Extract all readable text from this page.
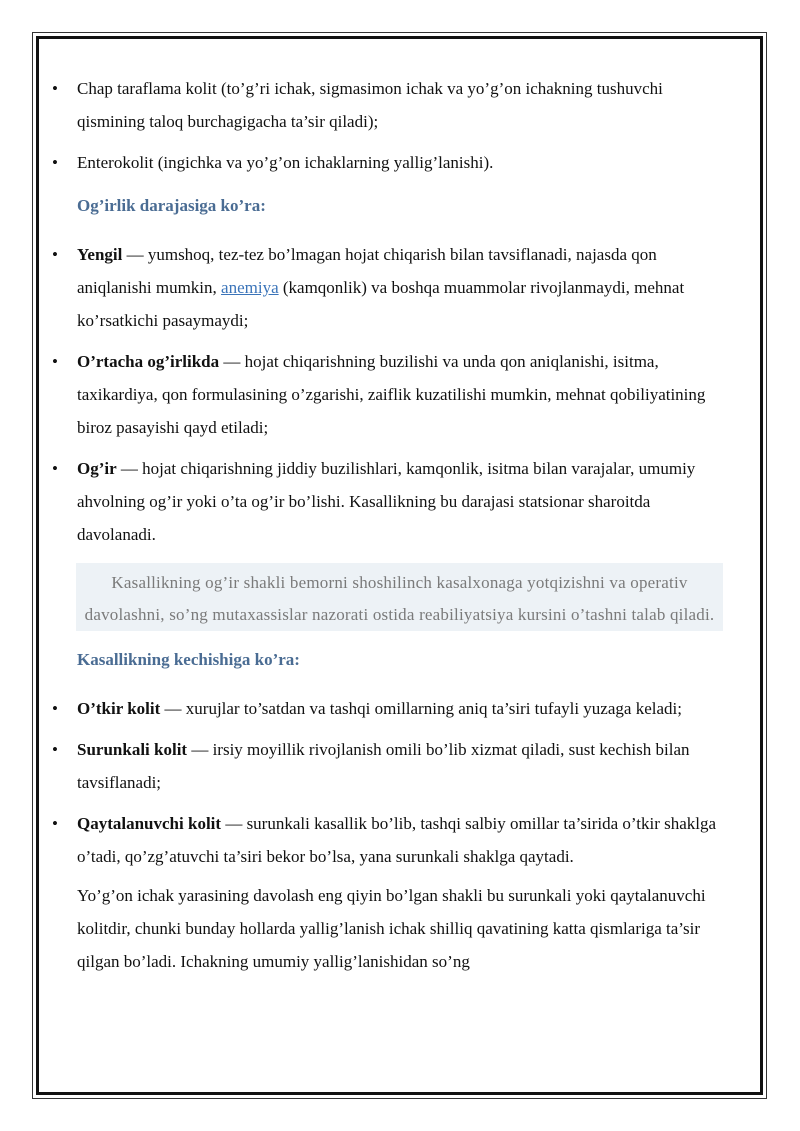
• Chap taraflama kolit (to’g’ri ichak, sigmasimon ichak va yo’g’on ichakning tushuvchi qismining taloq burchagigacha ta’sir qiladi);

• Enterokolit (ingichka va yo’g’on ichaklarning yallig’lanishi).

Og’irlik darajasiga ko’ra:

• Yengil — yumshoq, tez-tez bo’lmagan hojat chiqarish bilan tavsiflanadi, najasda qon aniqlanishi mumkin, anemiya (kamqonlik) va boshqa muammolar rivojlanmaydi, mehnat ko’rsatkichi pasaymaydi;

• O’rtacha og’irlikda — hojat chiqarishning buzilishi va unda qon aniqlanishi, isitma, taxikardiya, qon formulasining o’zgarishi, zaiflik kuzatilishi mumkin, mehnat qobiliyatining biroz pasayishi qayd etiladi;

• Og’ir — hojat chiqarishning jiddiy buzilishlari, kamqonlik, isitma bilan varajalar, umumiy ahvolning og’ir yoki o’ta og’ir bo’lishi. Kasallikning bu darajasi statsionar sharoitda davolanadi.

Kasallikning og’ir shakli bemorni shoshilinch kasalxonaga yotqizishni va operativ davolashni, so’ng mutaxassislar nazorati ostida reabiliyatsiya kursini o’tashni talab qiladi.
Kasallikning kechishiga ko’ra:

• O’tkir kolit — xurujlar to’satdan va tashqi omillarning aniq ta’siri tufayli yuzaga keladi;

• Surunkali kolit — irsiy moyillik rivojlanish omili bo’lib xizmat qiladi, sust kechish bilan tavsiflanadi;

• Qaytalanuvchi kolit — surunkali kasallik bo’lib, tashqi salbiy omillar ta’sirida o’tkir shaklga o’tadi, qo’zg’atuvchi ta’siri bekor bo’lsa, yana surunkali shaklga qaytadi.

Yo’g’on ichak yarasining davolash eng qiyin bo’lgan shakli bu surunkali yoki qaytalanuvchi kolitdir, chunki bunday hollarda yallig’lanish ichak shilliq qavatining katta qismlariga ta’sir qilgan bo’ladi. Ichakning umumiy yallig’lanishidan so’ng
